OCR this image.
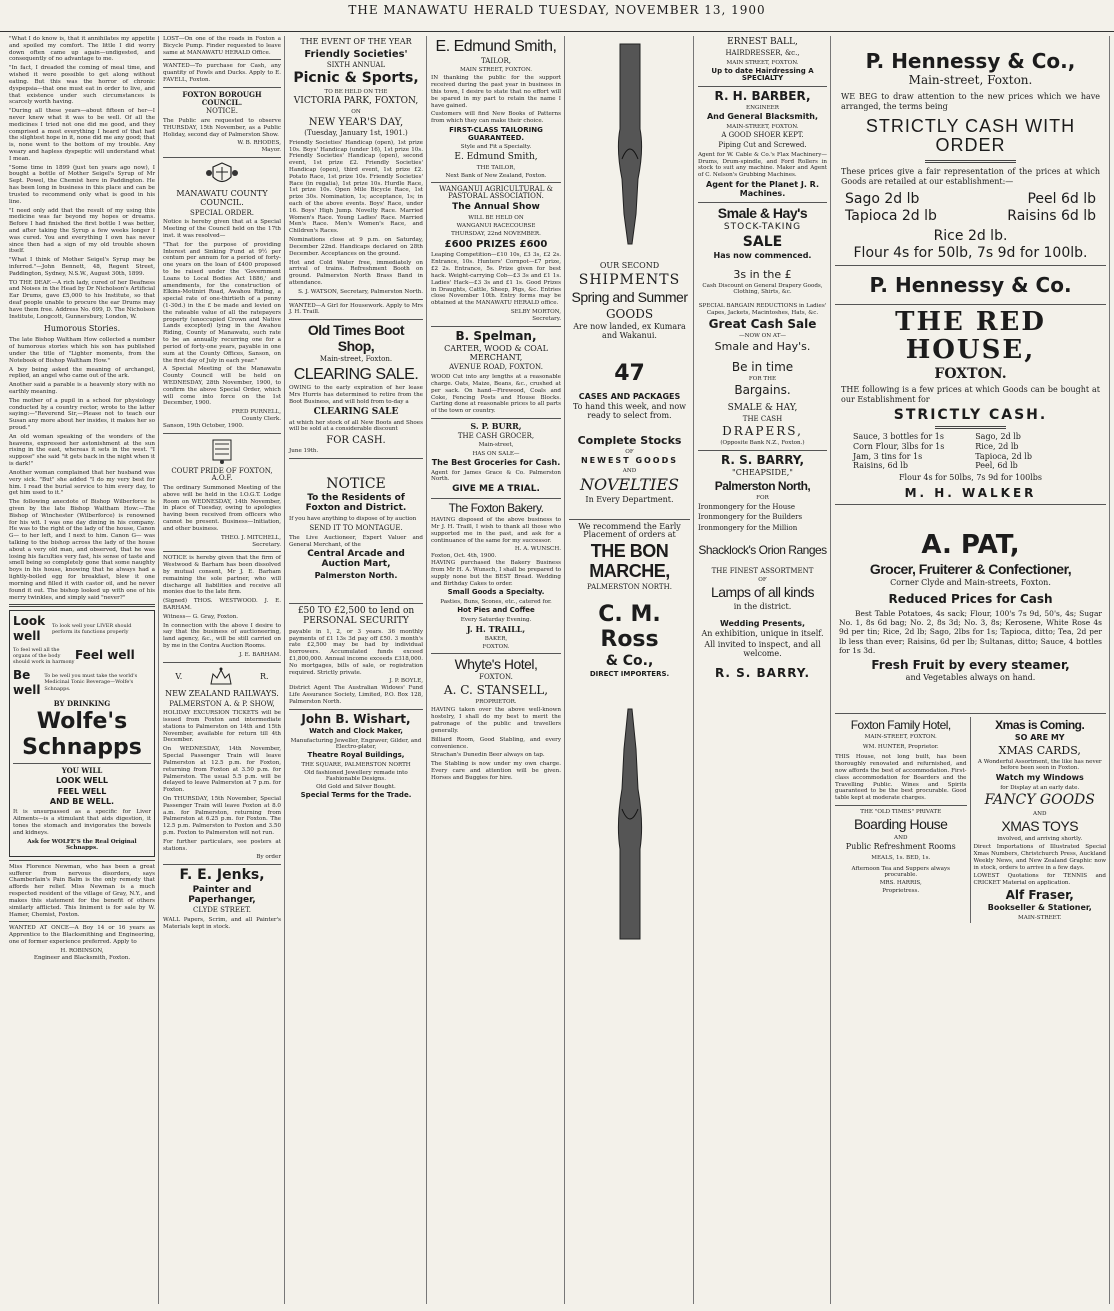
THE MANAWATU HERALD TUESDAY, NOVEMBER 13, 1900

"What I do know is, that it annihilates my appetite and spoiled my comfort. The little I did worry down often came up again—undigested, and consequently of no advantage to me.

"In fact, I dreaded the coming of meal time, and wished it were possible to get along without eating. But this was the horror of chronic dyspepsia—that one must eat in order to live, and that existence under such circumstances is scarcely worth having.

"During all these years—about fifteen of her—I never knew what it was to be well. Of all the medicines I tried not one did me good, and they comprised a most everything I heard of that had the slightest hope in it, none did me any good; that is, none went to the bottom of my trouble. Any weary and hapless dyspeptic will understand what I mean.

"Some time in 1899 (just ten years ago now), I bought a bottle of Mother Seigel's Syrup of Mr Sept. Powel, the Chemist here in Paddington. He has been long in business in this place and can be trusted to recommend only what is good in his line.

"I need only add that the result of my using this medicine was far beyond my hopes or dreams. Before I had finished the first bottle I was better, and after taking the Syrup a few weeks longer I was cured. You and everything I own has never since then had a sign of my old trouble shown itself.

"What I think of Mother Seigel's Syrup may be inferred."—John Bennett, 48, Regent Street, Paddington, Sydney, N.S.W., August 30th, 1899.

TO THE DEAF.—A rich lady, cured of her Deafness and Noises in the Head by Dr Nicholson's Artificial Ear Drums, gave £5,000 to his Institute, so that deaf people unable to procure the ear Drums may have them free. Address No. 699, D. The Nicholson Institute, Longcott, Gunnersbury, London, W.

Humorous Stories.

The late Bishop Waltham How collected a number of humorous stories which his son has published under the title of "Lighter moments, from the Notebook of Bishop Waltham How."

A boy being asked the meaning of archangel, replied, an angel who came out of the ark.

Another said a parable is a heavenly story with no earthly meaning.

The mother of a pupil in a school for physiology conducted by a country rector, wrote to the latter saying:—"Reverend Sir,—Please not to teach our Susan any more about her insides, it makes her so proud."

An old woman speaking of the wonders of the heavens, expressed her astonishment at the sun rising in the east, whereas it sets in the west. "I suppose" she said "it gets back in the night when it is dark!"

Another woman complained that her husband was very sick. "But" she added "I do my very best for him. I read the burial service to him every day, to get him used to it."

The following anecdote of Bishop Wilberforce is given by the late Bishop Waltham How:—The Bishop of Winchester (Wilberforce) is renowned for his wit. I was one day dining in his company. He was to the right of the lady of the house, Canon G— to her left, and I next to him. Canon G— was talking to the bishop across the lady of the house about a very old man, and observed, that he was losing his faculties very fast, his sense of taste and smell being so completely gone that some naughty boys in his house, knowing that he always had a lightly-boiled egg for breakfast, blew it one morning and filled it with castor oil, and he never found it out. The bishop looked up with one of his merry twinkles, and simply said "never?"

Look well
To look well your LIVER should perform its functions properly
To feel well all the organs of the body should work in harmony Feel well
Be well
To be well you must take the world's Medicinal Tonic Beverage—Wolfe's Schnapps.
BY DRINKING
Wolfe's
Schnapps
YOU WILL
LOOK WELL
FEEL WELL
AND BE WELL.

It is unsurpassed as a specific for Liver Ailments—is a stimulant that aids digestion, it tones the stomach and invigorates the bowels and kidneys.

Ask for WOLFE'S the Real Original Schnapps.

Miss Florence Newman, who has been a great sufferer from nervous disorders, says Chamberlain's Pain Balm is the only remedy that affords her relief. Miss Newman is a much respected resident of the village of Gray, N.Y., and makes this statement for the benefit of others similarly afflicted. This liniment is for sale by W. Hamer, Chemist, Foxton.

WANTED AT ONCE—A Boy 14 or 16 years as Apprentice to the Blacksmithing and Engineering, one of former experience preferred. Apply to

H. ROBINSON,
Engineer and Blacksmith, Foxton.

LOST—On one of the roads in Foxton a Bicycle Pump. Finder requested to leave same at MANAWATU HERALD Office.

WANTED—To purchase for Cash, any quantity of Fowls and Ducks. Apply to E. FAVELL, Foxton.

FOXTON BOROUGH COUNCIL.
NOTICE.

The Public are requested to observe THURSDAY, 15th November, as a Public Holiday, second day of Palmerston Show.

W. B. RHODES,
Mayor.
MANAWATU COUNTY COUNCIL.
SPECIAL ORDER.

Notice is hereby given that at a Special Meeting of the Council held on the 17th inst. it was resolved—

"That for the purpose of providing Interest and Sinking Fund at 9½ per centum per annum for a period of forty-one years on the loan of £400 proposed to be raised under the 'Government Loans to Local Bodies Act 1886,' and amendments, for the construction of Elkins-Motiniri Road, Awahou Riding, a special rate of one-thirtieth of a penny (1-30d.) in the £ be made and levied on the rateable value of all the ratepayers property (unoccupied Crown and Native Lands excepted) lying in the Awahou Riding, County of Manawatu, such rate to be an annually recurring one for a period of forty-one years, payable in one sum at the County Offices, Sanson, on the first day of July in each year."

A Special Meeting of the Manawatu County Council will be held on WEDNESDAY, 28th November, 1900, to confirm the above Special Order, which will come into force on the 1st December, 1900.

FRED PURNELL,
County Clerk.
Sanson, 19th October, 1900.
COURT PRIDE OF FOXTON, A.O.F.

The ordinary Summoned Meeting of the above will be held in the I.O.G.T. Lodge Room on WEDNESDAY, 14th November, in place of Tuesday, owing to apologies having been received from officers who cannot be present. Business—Initiation, and other business.

THEO. J. MITCHELL,
Secretary.

NOTICE is hereby given that the firm of Westwood & Barham has been dissolved by mutual consent, Mr J. E. Barham remaining the sole partner, who will discharge all liabilities and receive all monies due to the late firm.

(Signed) THOS. WESTWOOD. J. E. BARHAM.

Witness— G. Gray, Foxton.

In connection with the above I desire to say that the business of auctioneering, land agency, &c., will be still carried on by me in the Contra Auction Rooms.

J. E. BARHAM.
V.	R.
NEW ZEALAND RAILWAYS.
PALMERSTON A. & P. SHOW,

HOLIDAY EXCURSION TICKETS will be issued from Foxton and intermediate stations to Palmerston on 14th and 15th November, available for return till 4th December.

On WEDNESDAY, 14th November, Special Passenger Train will leave Palmerston at 12.5 p.m. for Foxton, returning from Foxton at 3.50 p.m. for Palmerston. The usual 5.5 p.m. will be delayed to leave Palmerston at 7 p.m. for Foxton.

On THURSDAY, 15th November, Special Passenger Train will leave Foxton at 8.0 a.m. for Palmerston, returning from Palmerston at 6.25 p.m. for Foxton. The 12.5 p.m. Palmerston to Foxton and 3.50 p.m. Foxton to Palmerston will not run.

For further particulars, see posters at stations.

By order
F. E. Jenks,
Painter and Paperhanger,
CLYDE STREET.

WALL Papers, Scrim, and all Painter's Materials kept in stock.

THE EVENT OF THE YEAR
Friendly Societies'
SIXTH ANNUAL
Picnic & Sports,
TO BE HELD ON THE
VICTORIA PARK, FOXTON,
ON
NEW YEAR'S DAY,
(Tuesday, January 1st, 1901.)

Friendly Societies' Handicap (open), 1st prize 10s. Boys' Handicap (under 16), 1st prize 10s. Friendly Societies' Handicap (open), second event, 1st prize £2. Friendly Societies' Handicap (open), third event, 1st prize £2. Potato Race, 1st prize 10s. Friendly Societies' Race (in regalia), 1st prize 10s. Hurdle Race, 1st prize 10s. Open Mile Bicycle Race, 1st prize 30s. Nomination, 1s; acceptance, 1s; in each of the above events. Boys' Race, under 16. Boys' High Jump. Novelty Race. Married Women's Race. Young Ladies' Race. Married Men's Race. Men's Women's Race, and Children's Races.

Nominations close at 9 p.m. on Saturday, December 22nd. Handicaps declared on 28th December. Acceptances on the ground.

Hot and Cold Water free, immediately on arrival of trains. Refreshment Booth on ground. Palmerston North Brass Band in attendance.

S. J. WATSON, Secretary, Palmerston North.

WANTED—A Girl for Housework. Apply to Mrs J. H. Traill.

Old Times Boot Shop,
Main-street, Foxton.
CLEARING SALE.

OWING to the early expiration of her lease Mrs Hurris has determined to retire from the Boot Business, and will hold from to-day a

CLEARING SALE

at which her stock of all New Boots and Shoes will be sold at a considerable discount

FOR CASH.
June 19th.
NOTICE
To the Residents of Foxton and District.

If you have anything to dispose of by auction

SEND IT TO MONTAGUE.

The Live Auctioneer, Expert Valuer and General Merchant, of the

Central Arcade and Auction Mart,
Palmerston North.
£50 TO £2,500 to lend on PERSONAL SECURITY

payable in 1, 2, or 3 years. 36 monthly payments of £1 13s 3d pay off £50. 3 month's rate £2,500 may be had by individual borrowers. Accumulated funds exceed £1,800,000. Annual income exceeds £318,000. No mortgages, bills of sale, or registration required. Strictly private.

J. P. BOYLE,

District Agent The Australian Widows' Fund Life Assurance Society, Limited, P.O. Box 128, Palmerston North.

John B. Wishart,
Watch and Clock Maker,
Manufacturing Jeweller, Engraver, Gilder, and Electro-plater,
Theatre Royal Buildings,
THE SQUARE, PALMERSTON NORTH
Old fashioned Jewellery remade into Fashionable Designs.
Old Gold and Silver Bought.
Special Terms for the Trade.
E. Edmund Smith,
TAILOR,
MAIN STREET, FOXTON.

IN thanking the public for the support received during the past year in business in this town, I desire to state that no effort will be spared in my part to retain the name I have gained.

Customers will find New Books of Patterns from which they can make their choice.

FIRST-CLASS TAILORING GUARANTEED.
Style and Fit a Specialty.
E. Edmund Smith,
THE TAILOR,
Next Bank of New Zealand, Foxton.
WANGANUI AGRICULTURAL & PASTORAL ASSOCIATION.
The Annual Show
WILL BE HELD ON
WANGANUI RACECOURSE
THURSDAY, 22nd NOVEMBER.
£600 PRIZES £600

Leaping Competition—£10 10s, £3 3s, £2 2s. Entrance, 10s. Hunters' Cornpot—£7 prize, £2 2s. Entrance, 5s. Prize given for best hack. Weight-carrying Cob—£3 3s and £1 1s. Ladies' Hack—£3 3s and £1 1s. Good Prizes in Draughts, Cattle, Sheep, Pigs, &c. Entries close November 10th. Entry forms may be obtained at the MANAWATU HERALD office.

SELBY MORTON,
Secretary.
B. Spelman,
CARTER, WOOD & COAL MERCHANT,
AVENUE ROAD, FOXTON.

WOOD Cut into any lengths at a reasonable charge. Oats, Maize, Beans, &c., crushed at per sack. On hand—Firewood, Coals and Coke, Fencing Posts and House Blocks. Carting done at reasonable prices to all parts of the town or country.

S. P. BURR,
THE CASH GROCER,
Main-street,
HAS ON SALE—
The Best Groceries for Cash.

Agent for James Grace & Co. Palmerston North.

GIVE ME A TRIAL.
The Foxton Bakery.

HAVING disposed of the above business to Mr J. H. Traill, I wish to thank all those who supported me in the past, and ask for a continuance of the same for my successor.

H. A. WUNSCH.
Foxton, Oct. 4th, 1900.

HAVING purchased the Bakery Business from Mr H. A. Wunsch, I shall be prepared to supply none but the BEST Bread. Wedding and Birthday Cakes to order.

Small Goods a Specialty.
Pasties, Buns, Scones, etc., catered for.
Hot Pies and Coffee
Every Saturday Evening.
J. H. TRAILL,
BAKER,
FOXTON.
Whyte's Hotel,
FOXTON.
A. C. STANSELL,
PROPRIETOR.

HAVING taken over the above well-known hostelry, I shall do my best to merit the patronage of the public and travellers generally.

Billiard Room, Good Stabling, and every convenience.

Strachan's Dunedin Beer always on tap.

The Stabling is now under my own charge. Every care and attention will be given. Horses and Buggies for hire.

OUR SECOND
SHIPMENTS
Spring and Summer
GOODS
Are now landed, ex Kumara and Wakanui.
47
CASES AND PACKAGES
To hand this week, and now ready to select from.
Complete Stocks
OF
NEWEST GOODS
AND
NOVELTIES
In Every Department.
We recommend the Early Placement of orders at
THE BON MARCHE,
PALMERSTON NORTH.
C. M. Ross
& Co.,
DIRECT IMPORTERS.
ERNEST BALL,
HAIRDRESSER, &c.,
MAIN STREET, FOXTON.
Up to date Hairdressing A SPECIALTY
R. H. BARBER,
ENGINEER
And General Blacksmith,
MAIN-STREET, FOXTON.
A GOOD SHOER KEPT.
Piping Cut and Screwed.

Agent for W. Cable & Co.'s Flax Machinery—Drums, Drum-spindle, and Ford Rollers in stock to suit any machine. Maker and Agent of C. Nelson's Grubbing Machines.

Agent for the Planet J. R. Machines.
Smale & Hay's
STOCK-TAKING
SALE
Has now commenced.
3s in the £
Cash Discount on General Drapery Goods, Clothing, Shirts, &c.
SPECIAL BARGAIN REDUCTIONS in Ladies' Capes, Jackets, Macintoshes, Hats, &c.
Great Cash Sale
—NOW ON AT—
Smale and Hay's.
Be in time
FOR THE
Bargains.
SMALE & HAY,
THE CASH
DRAPERS,
(Opposite Bank N.Z., Foxton.)
R. S. BARRY,
"CHEAPSIDE,"
Palmerston North,
FOR
Ironmongery for the House
Ironmongery for the Builders
Ironmongery for the Million
Shacklock's Orion Ranges
THE FINEST ASSORTMENT
OF
Lamps of all kinds
in the district.
Wedding Presents,
An exhibition, unique in itself.
All invited to inspect, and all welcome.
R. S. BARRY.
P. Hennessy & Co.,
Main-street, Foxton.

WE BEG to draw attention to the new prices which we have arranged, the terms being

STRICTLY CASH WITH ORDER

These prices give a fair representation of the prices at which Goods are retailed at our establishment:—

Sago 2d lb	Peel 6d lb
Tapioca 2d lb	Raisins 6d lb
Rice 2d lb.
Flour 4s for 50lb, 7s 9d for 100lb.
P. Hennessy & Co.
THE RED HOUSE,
FOXTON.

THE following is a few prices at which Goods can be bought at our Establishment for

STRICTLY CASH.
Sauce, 3 bottles for 1s	Sago, 2d lb
Corn Flour, 3lbs for 1s	Rice, 2d lb
Jam, 3 tins for 1s	Tapioca, 2d lb
Raisins, 6d lb	Peel, 6d lb
Flour 4s for 50lbs, 7s 9d for 100lbs
M. H. WALKER
A. PAT,
Grocer, Fruiterer & Confectioner,
Corner Clyde and Main-streets, Foxton.
Reduced Prices for Cash

Best Table Potatoes, 4s sack; Flour, 100's 7s 9d, 50's, 4s; Sugar No. 1, 8s 6d bag; No. 2, 8s 3d; No. 3, 8s; Kerosene, White Rose 4s 9d per tin; Rice, 2d lb; Sago, 2lbs for 1s; Tapioca, ditto; Tea, 2d per lb less than ever; Raisins, 6d per lb; Sultanas, ditto; Sauce, 4 bottles for 1s 3d.

Fresh Fruit by every steamer,
and Vegetables always on hand.
Foxton Family Hotel,
MAIN-STREET, FOXTON.
WM. HUNTER, Proprietor.

THIS House, not long built, has been thoroughly renovated and refurnished, and now affords the best of accommodation. First-class accommodation for Boarders and the Travelling Public. Wines and Spirits guaranteed to be the best procurable. Good table kept at moderate charges.

THE "OLD TIMES" PRIVATE
Boarding House
AND
Public Refreshment Rooms
MEALS, 1s. BED, 1s.
Afternoon Tea and Suppers always procurable.
MRS. HARRIS,
Proprietress.
Xmas is Coming.
SO ARE MY
XMAS CARDS,
A Wonderful Assortment, the like has never before been seen in Foxton.
Watch my Windows
for Display at an early date.
FANCY GOODS
AND
XMAS TOYS
involved, and arriving shortly.

Direct Importations of Illustrated Special Xmas Numbers, Christchurch Press, Auckland Weekly News, and New Zealand Graphic now in stock, orders to arrive in a few days.

LOWEST Quotations for TENNIS and CRICKET Material on application.

Alf Fraser,
Bookseller & Stationer,
MAIN-STREET.
